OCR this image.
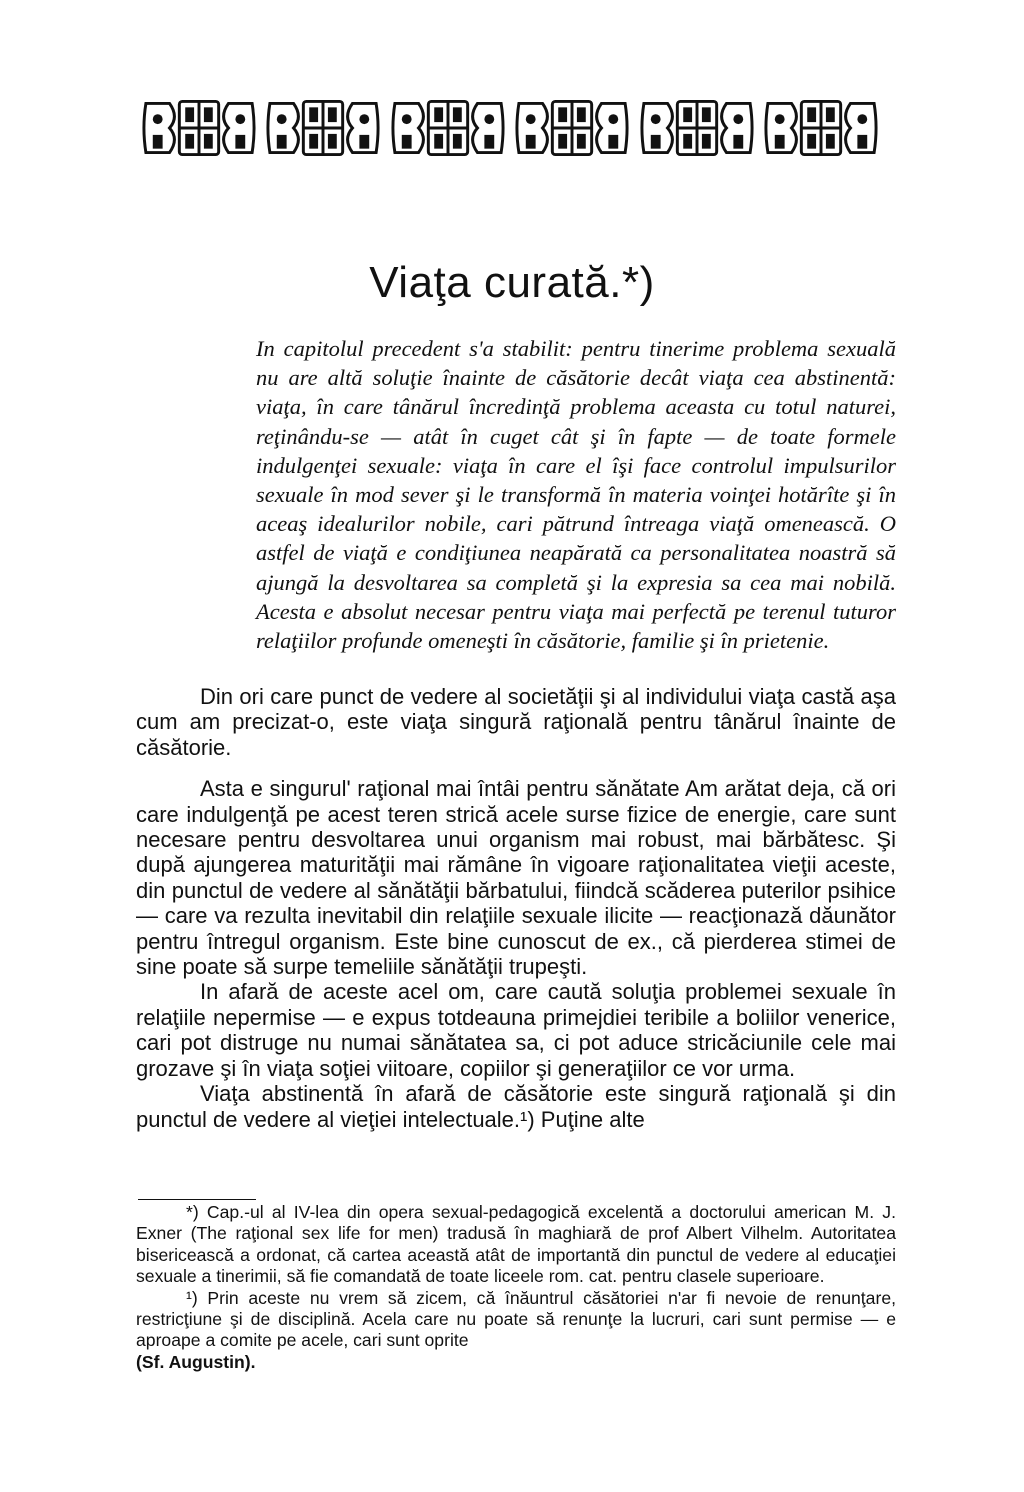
Viaţa curată.*)
In capitolul precedent s'a stabilit: pentru tinerime problema sexuală nu are altă soluţie înainte de căsătorie decât viaţa cea abstinentă: viaţa, în care tânărul încredinţă problema aceasta cu totul naturei, reţinându-se — atât în cuget cât şi în fapte — de toate formele indulgenţei sexuale: viaţa în care el îşi face controlul impulsurilor sexuale în mod sever şi le transformă în materia voinţei hotărîte şi în aceaş idealurilor nobile, cari pătrund întreaga viaţă omenească. O astfel de viaţă e condiţiunea neapărată ca personalitatea noastră să ajungă la desvoltarea sa completă şi la expresia sa cea mai nobilă. Acesta e absolut necesar pentru viaţa mai perfectă pe terenul tuturor relaţiilor profunde omeneşti în căsătorie, familie şi în prietenie.

Din ori care punct de vedere al societăţii şi al individului viaţa castă aşa cum am precizat-o, este viaţa singură raţională pentru tânărul înainte de căsătorie.

Asta e singurul' raţional mai întâi pentru sănătate Am arătat deja, că ori care indulgenţă pe acest teren strică acele surse fizice de energie, care sunt necesare pentru desvoltarea unui organism mai robust, mai bărbătesc. Şi după ajungerea maturităţii mai rămâne în vigoare raţionalitatea vieţii aceste, din punctul de vedere al sănătăţii bărbatului, fiindcă scăderea puterilor psihice — care va rezulta inevitabil din relaţiile sexuale ilicite — reacţionază dăunător pentru întregul organism. Este bine cunoscut de ex., că pierderea stimei de sine poate să surpe temeliile sănătăţii trupeşti.

In afară de aceste acel om, care caută soluţia problemei sexuale în relaţiile nepermise — e expus totdeauna primejdiei teribile a boliilor venerice, cari pot distruge nu numai sănătatea sa, ci pot aduce stricăciunile cele mai grozave şi în viaţa soţiei viitoare, copiilor şi generaţiilor ce vor urma.

Viaţa abstinentă în afară de căsătorie este singură raţională şi din punctul de vedere al vieţiei intelectuale.¹) Puţine alte

*) Cap.-ul al IV-lea din opera sexual-pedagogică excelentă a doctorului american M. J. Exner (The raţional sex life for men) tradusă în maghiară de prof Albert Vilhelm. Autoritatea bisericească a ordonat, că cartea această atât de importantă din punctul de vedere al educaţiei sexuale a tinerimii, să fie comandată de toate liceele rom. cat. pentru clasele superioare.

¹) Prin aceste nu vrem să zicem, că înăuntrul căsătoriei n'ar fi nevoie de renunţare, restricţiune şi de disciplină. Acela care nu poate să renunţe la lucruri, cari sunt permise — e aproape a comite pe acele, cari sunt oprite

(Sf. Augustin).
